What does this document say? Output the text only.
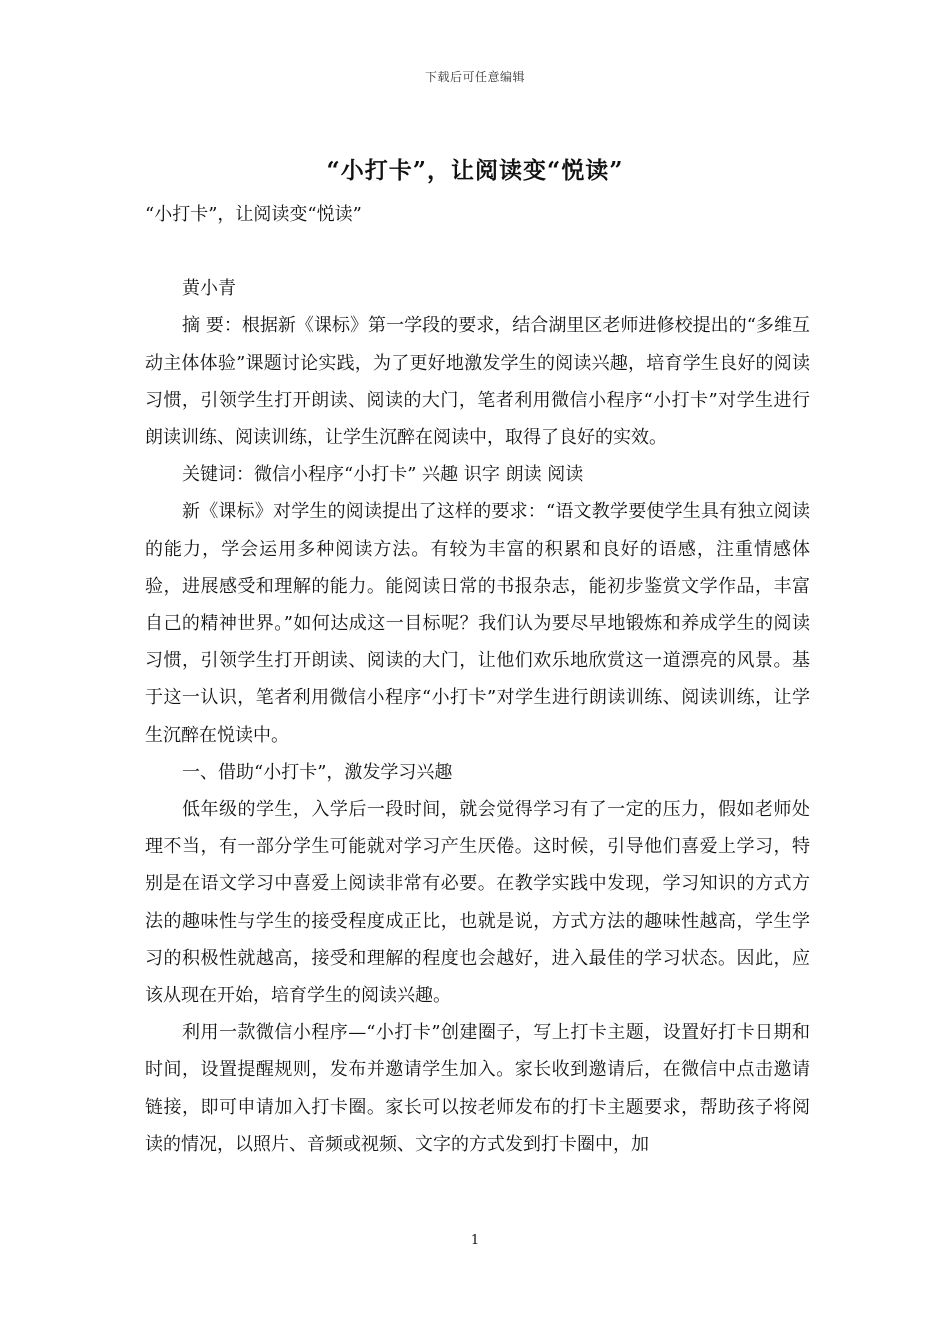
下载后可任意编辑
“小打卡”，让阅读变“悦读”

“小打卡”，让阅读变“悦读”

黄小青

摘 要：根据新《课标》第一学段的要求，结合湖里区老师进修校提出的“多维互动主体体验”课题讨论实践，为了更好地激发学生的阅读兴趣，培育学生良好的阅读习惯，引领学生打开朗读、阅读的大门，笔者利用微信小程序“小打卡”对学生进行朗读训练、阅读训练，让学生沉醉在阅读中，取得了良好的实效。

关键词：微信小程序“小打卡” 兴趣 识字 朗读 阅读

新《课标》对学生的阅读提出了这样的要求：“语文教学要使学生具有独立阅读的能力，学会运用多种阅读方法。有较为丰富的积累和良好的语感，注重情感体验，进展感受和理解的能力。能阅读日常的书报杂志，能初步鉴赏文学作品，丰富自己的精神世界。”如何达成这一目标呢？我们认为要尽早地锻炼和养成学生的阅读习惯，引领学生打开朗读、阅读的大门，让他们欢乐地欣赏这一道漂亮的风景。基于这一认识，笔者利用微信小程序“小打卡”对学生进行朗读训练、阅读训练，让学生沉醉在悦读中。

一、借助“小打卡”，激发学习兴趣

低年级的学生，入学后一段时间，就会觉得学习有了一定的压力，假如老师处理不当，有一部分学生可能就对学习产生厌倦。这时候，引导他们喜爱上学习，特别是在语文学习中喜爱上阅读非常有必要。在教学实践中发现，学习知识的方式方法的趣味性与学生的接受程度成正比，也就是说，方式方法的趣味性越高，学生学习的积极性就越高，接受和理解的程度也会越好，进入最佳的学习状态。因此，应该从现在开始，培育学生的阅读兴趣。

利用一款微信小程序—“小打卡”创建圈子，写上打卡主题，设置好打卡日期和时间，设置提醒规则，发布并邀请学生加入。家长收到邀请后，在微信中点击邀请链接，即可申请加入打卡圈。家长可以按老师发布的打卡主题要求，帮助孩子将阅读的情况，以照片、音频或视频、文字的方式发到打卡圈中，加

1
